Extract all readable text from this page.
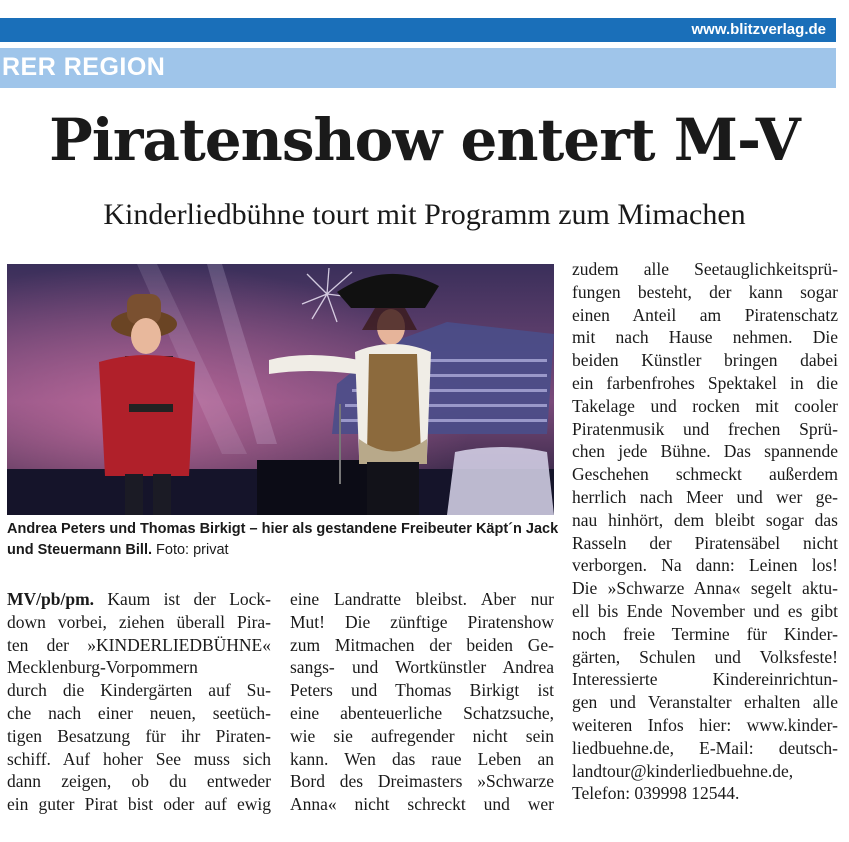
www.blitzverlag.de
RER REGION
Piratenshow entert M-V
Kinderliedbühne tourt mit Programm zum Mimachen
Andrea Peters und Thomas Birkigt – hier als gestandene Freibeuter Käpt´n Jack und Steuermann Bill. Foto: privat
MV/pb/pm. Kaum ist der Lock-
down vorbei, ziehen überall Pira-
ten der »KINDERLIEDBÜHNE«
Mecklenburg-Vorpommern
durch die Kindergärten auf Su-
che nach einer neuen, seetüch-
tigen Besatzung für ihr Piraten-
schiff. Auf hoher See muss sich
dann zeigen, ob du entweder
ein guter Pirat bist oder auf ewig
eine Landratte bleibst. Aber nur
Mut! Die zünftige Piratenshow
zum Mitmachen der beiden Ge-
sangs- und Wortkünstler Andrea
Peters und Thomas Birkigt ist
eine abenteuerliche Schatzsuche,
wie sie aufregender nicht sein
kann. Wen das raue Leben an
Bord des Dreimasters »Schwarze
Anna« nicht schreckt und wer
zudem alle Seetauglichkeitsprü-
fungen besteht, der kann sogar
einen Anteil am Piratenschatz
mit nach Hause nehmen. Die
beiden Künstler bringen dabei
ein farbenfrohes Spektakel in die
Takelage und rocken mit cooler
Piratenmusik und frechen Sprü-
chen jede Bühne. Das spannende
Geschehen schmeckt außerdem
herrlich nach Meer und wer ge-
nau hinhört, dem bleibt sogar das
Rasseln der Piratensäbel nicht
verborgen. Na dann: Leinen los!
Die »Schwarze Anna« segelt aktu-
ell bis Ende November und es gibt
noch freie Termine für Kinder-
gärten, Schulen und Volksfeste!
Interessierte Kindereinrichtun-
gen und Veranstalter erhalten alle
weiteren Infos hier: www.kinder-
liedbuehne.de, E-Mail: deutsch-
landtour@kinderliedbuehne.de,
Telefon: 039998 12544.
